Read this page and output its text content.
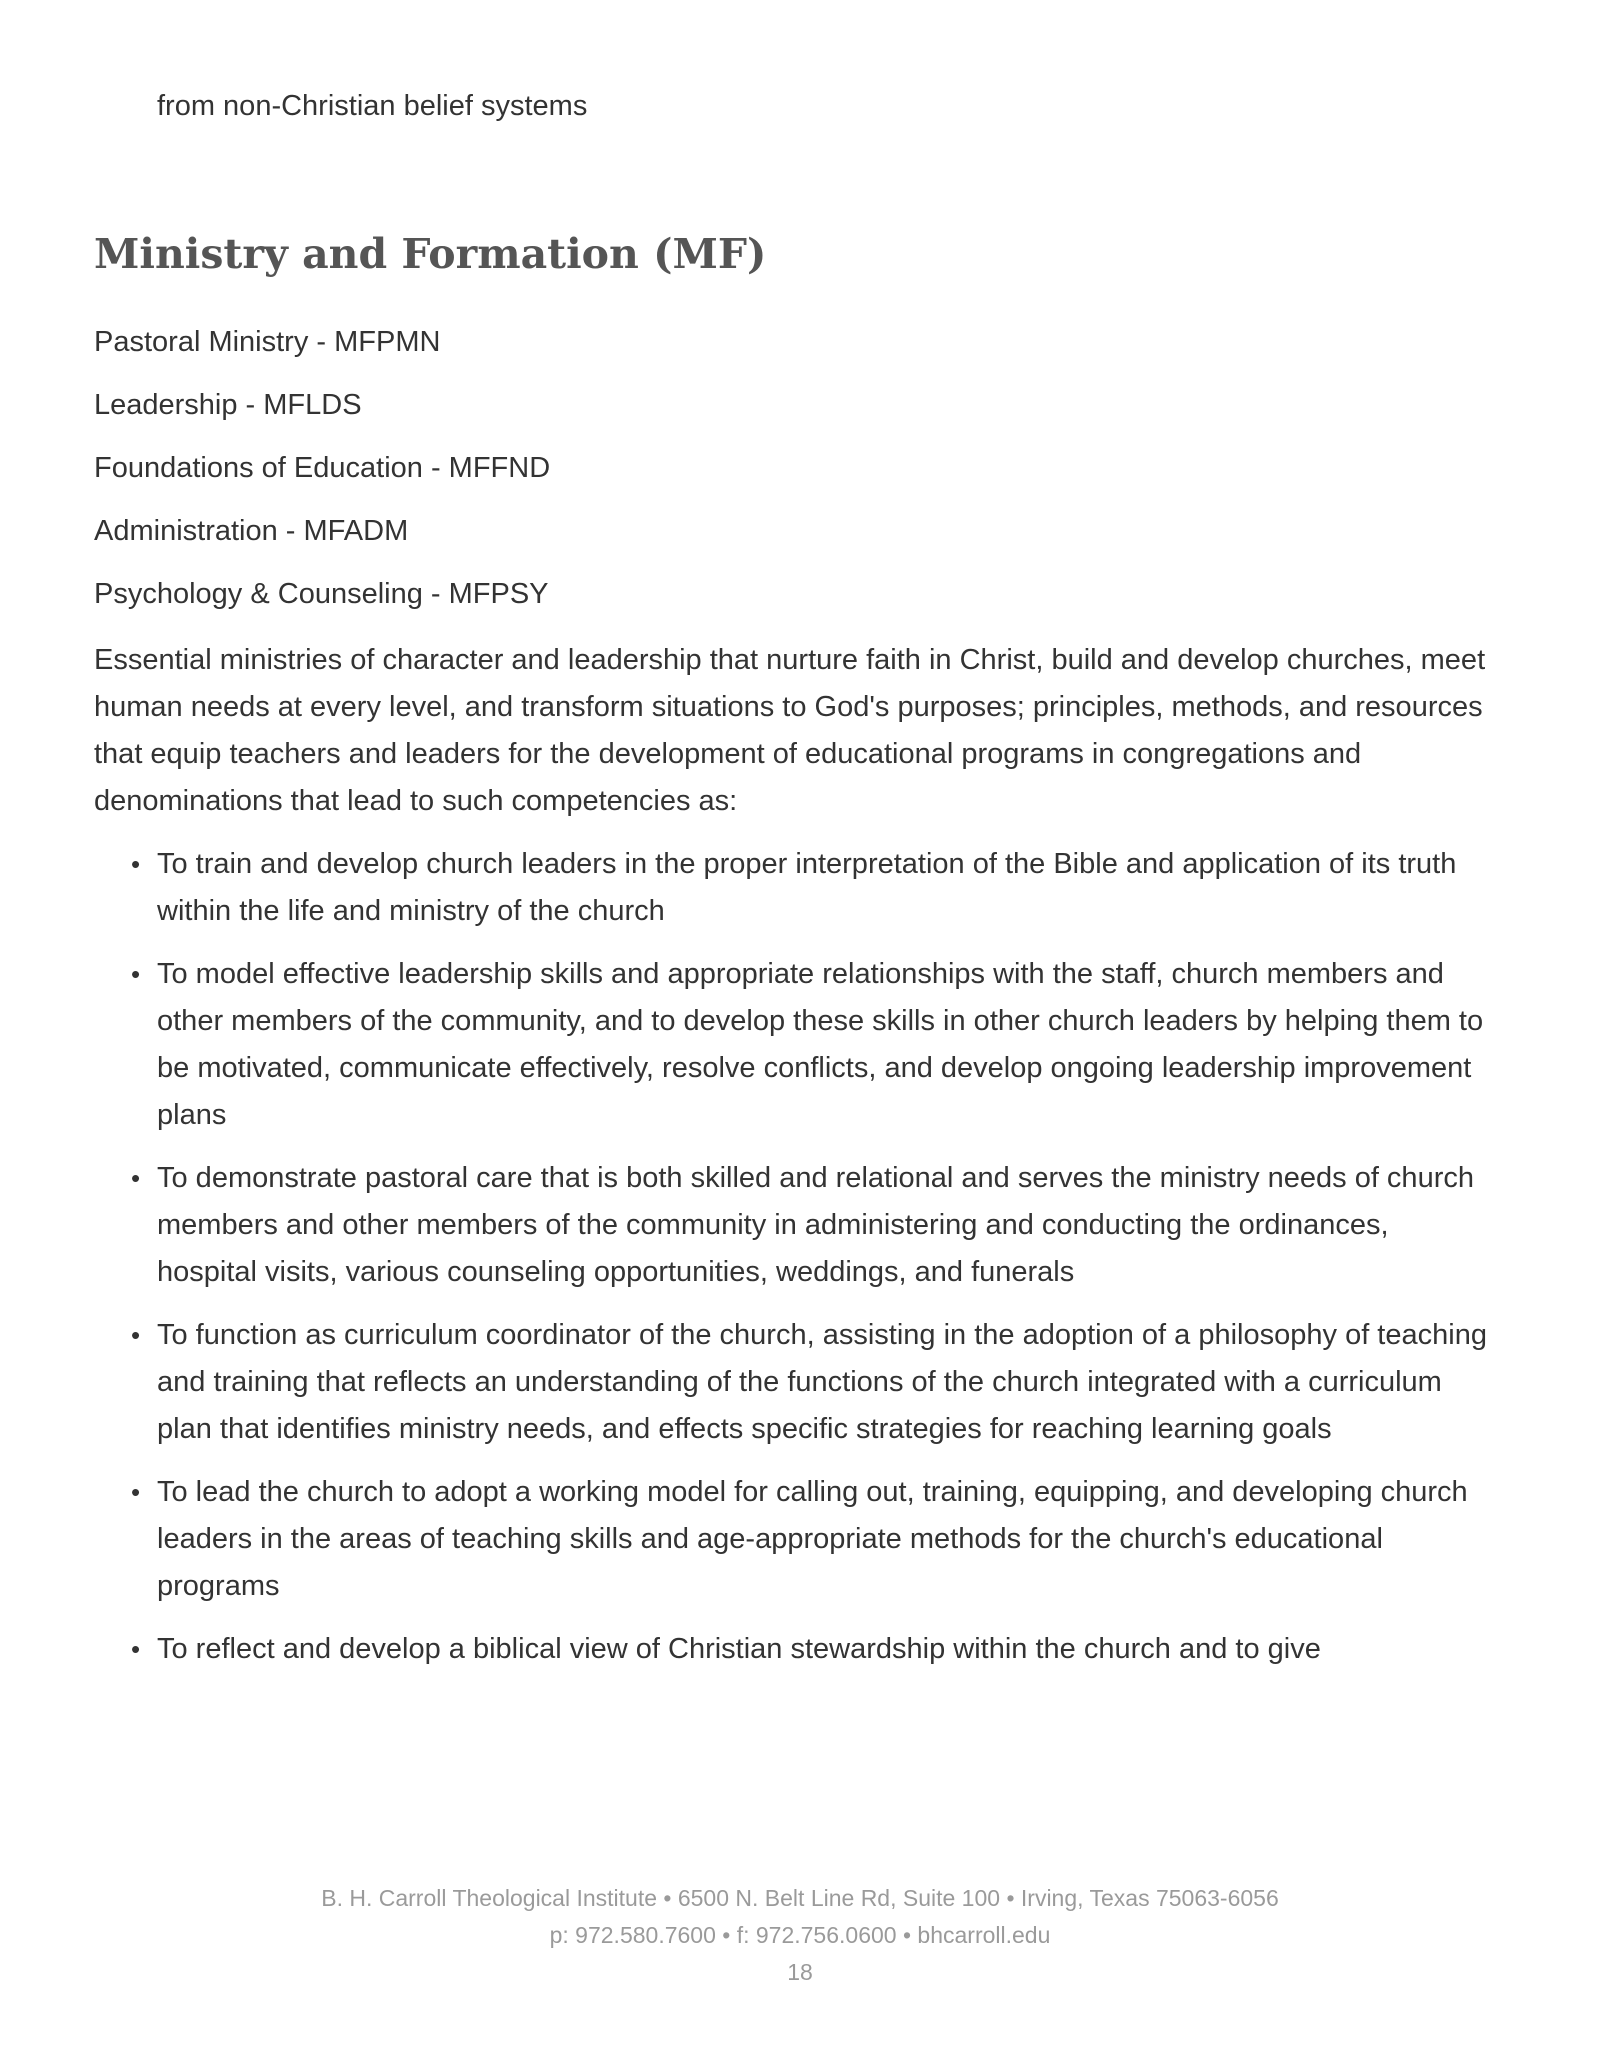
from non-Christian belief systems

Ministry and Formation (MF)
Pastoral Ministry - MFPMN
Leadership - MFLDS
Foundations of Education - MFFND
Administration - MFADM
Psychology & Counseling - MFPSY

Essential ministries of character and leadership that nurture faith in Christ, build and develop churches, meet human needs at every level, and transform situations to God's purposes; principles, methods, and resources that equip teachers and leaders for the development of educational programs in congregations and denominations that lead to such competencies as:

• To train and develop church leaders in the proper interpretation of the Bible and application of its truth within the life and ministry of the church
• To model effective leadership skills and appropriate relationships with the staff, church members and other members of the community, and to develop these skills in other church leaders by helping them to be motivated, communicate effectively, resolve conflicts, and develop ongoing leadership improvement plans
• To demonstrate pastoral care that is both skilled and relational and serves the ministry needs of church members and other members of the community in administering and conducting the ordinances, hospital visits, various counseling opportunities, weddings, and funerals
• To function as curriculum coordinator of the church, assisting in the adoption of a philosophy of teaching and training that reflects an understanding of the functions of the church integrated with a curriculum plan that identifies ministry needs, and effects specific strategies for reaching learning goals
• To lead the church to adopt a working model for calling out, training, equipping, and developing church leaders in the areas of teaching skills and age-appropriate methods for the church's educational programs
• To reflect and develop a biblical view of Christian stewardship within the church and to give

B. H. Carroll Theological Institute • 6500 N. Belt Line Rd, Suite 100 • Irving, Texas 75063-6056

p: 972.580.7600 • f: 972.756.0600 • bhcarroll.edu

18
